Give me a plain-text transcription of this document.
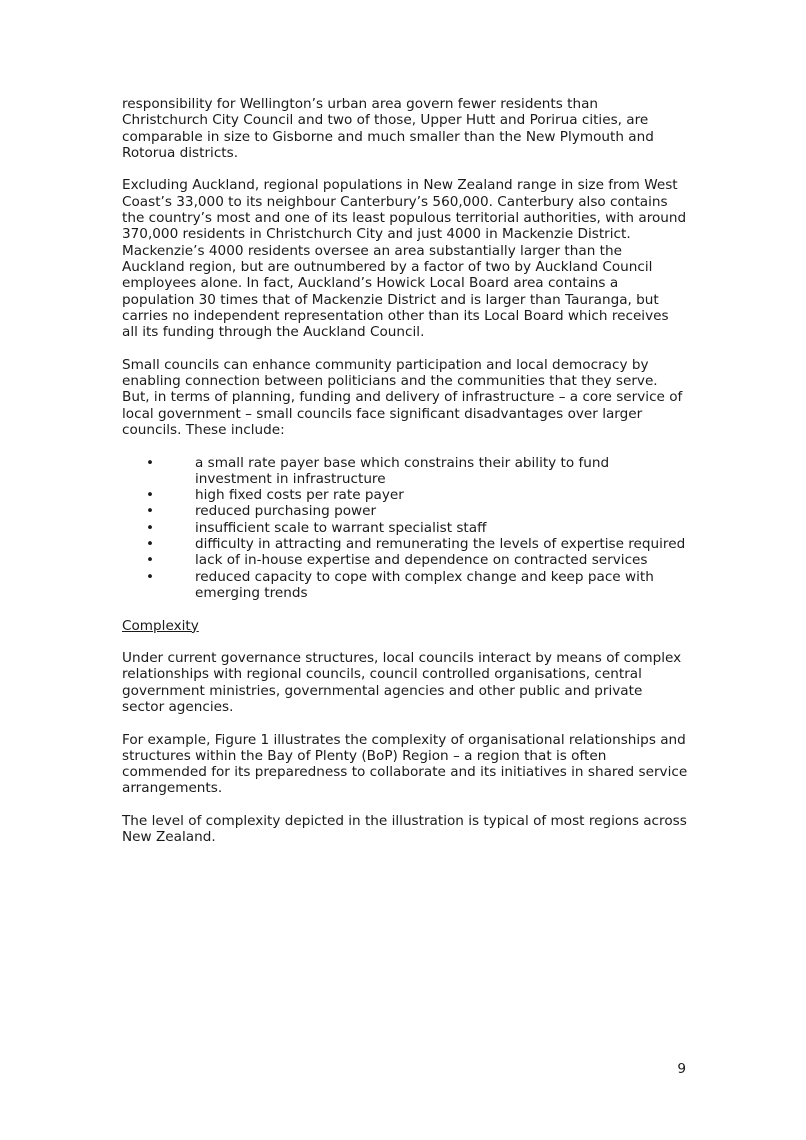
responsibility for Wellington’s urban area govern fewer residents than Christchurch City Council and two of those, Upper Hutt and Porirua cities, are comparable in size to Gisborne and much smaller than the New Plymouth and Rotorua districts.

Excluding Auckland, regional populations in New Zealand range in size from West Coast’s 33,000 to its neighbour Canterbury’s 560,000. Canterbury also contains the country’s most and one of its least populous territorial authorities, with around 370,000 residents in Christchurch City and just 4000 in Mackenzie District. Mackenzie’s 4000 residents oversee an area substantially larger than the Auckland region, but are outnumbered by a factor of two by Auckland Council employees alone. In fact, Auckland’s Howick Local Board area contains a population 30 times that of Mackenzie District and is larger than Tauranga, but carries no independent representation other than its Local Board which receives all its funding through the Auckland Council.

Small councils can enhance community participation and local democracy by enabling connection between politicians and the communities that they serve. But, in terms of planning, funding and delivery of infrastructure – a core service of local government – small councils face significant disadvantages over larger councils. These include:

•	a small rate payer base which constrains their ability to fund investment in infrastructure
•	high fixed costs per rate payer
•	reduced purchasing power
•	insufficient scale to warrant specialist staff
•	difficulty in attracting and remunerating the levels of expertise required
•	lack of in-house expertise and dependence on contracted services
•	reduced capacity to cope with complex change and keep pace with emerging trends
Complexity

Under current governance structures, local councils interact by means of complex relationships with regional councils, council controlled organisations, central government ministries, governmental agencies and other public and private sector agencies.

For example, Figure 1 illustrates the complexity of organisational relationships and structures within the Bay of Plenty (BoP) Region – a region that is often commended for its preparedness to collaborate and its initiatives in shared service arrangements.

The level of complexity depicted in the illustration is typical of most regions across New Zealand.

9
